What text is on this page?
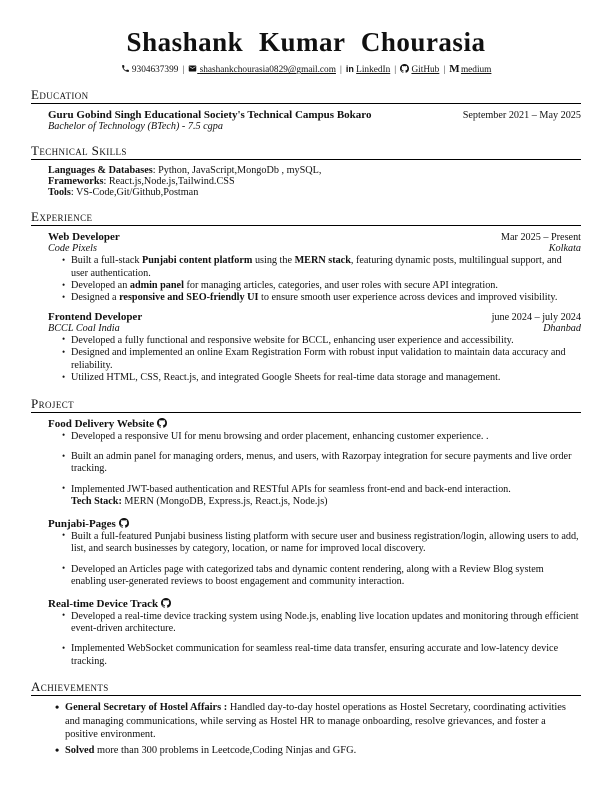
Shashank Kumar Chourasia
9304637399 | shashankchourasia0829@gmail.com | in LinkedIn | GitHub | M medium
Education
Guru Gobind Singh Educational Society's Technical Campus Bokaro	September 2021 – May 2025
Bachelor of Technology (BTech) - 7.5 cgpa
Technical Skills
Languages & Databases: Python, JavaScript,MongoDb , mySQL,
Frameworks: React.js,Node.js,Tailwind.CSS
Tools: VS-Code,Git/Github,Postman
Experience
Web Developer	Mar 2025 – Present
Code Pixels	Kolkata
• Built a full-stack Punjabi content platform using the MERN stack, featuring dynamic posts, multilingual support, and user authentication.
• Developed an admin panel for managing articles, categories, and user roles with secure API integration.
• Designed a responsive and SEO-friendly UI to ensure smooth user experience across devices and improved visibility.
Frontend Developer	june 2024 – july 2024
BCCL Coal India	Dhanbad
• Developed a fully functional and responsive website for BCCL, enhancing user experience and accessibility.
• Designed and implemented an online Exam Registration Form with robust input validation to maintain data accuracy and reliability.
• Utilized HTML, CSS, React.js, and integrated Google Sheets for real-time data storage and management.
Project
Food Delivery Website
• Developed a responsive UI for menu browsing and order placement, enhancing customer experience. .
• Built an admin panel for managing orders, menus, and users, with Razorpay integration for secure payments and live order tracking.
• Implemented JWT-based authentication and RESTful APIs for seamless front-end and back-end interaction.
Tech Stack: MERN (MongoDB, Express.js, React.js, Node.js)
Punjabi-Pages
• Built a full-featured Punjabi business listing platform with secure user and business registration/login, allowing users to add, list, and search businesses by category, location, or name for improved local discovery.
• Developed an Articles page with categorized tabs and dynamic content rendering, along with a Review Blog system enabling user-generated reviews to boost engagement and community interaction.
Real-time Device Track
• Developed a real-time device tracking system using Node.js, enabling live location updates and monitoring through efficient event-driven architecture.
• Implemented WebSocket communication for seamless real-time data transfer, ensuring accurate and low-latency device tracking.
Achievements
• General Secretary of Hostel Affairs : Handled day-to-day hostel operations as Hostel Secretary, coordinating activities and managing communications, while serving as Hostel HR to manage onboarding, resolve grievances, and foster a positive environment.
• Solved more than 300 problems in Leetcode,Coding Ninjas and GFG.
